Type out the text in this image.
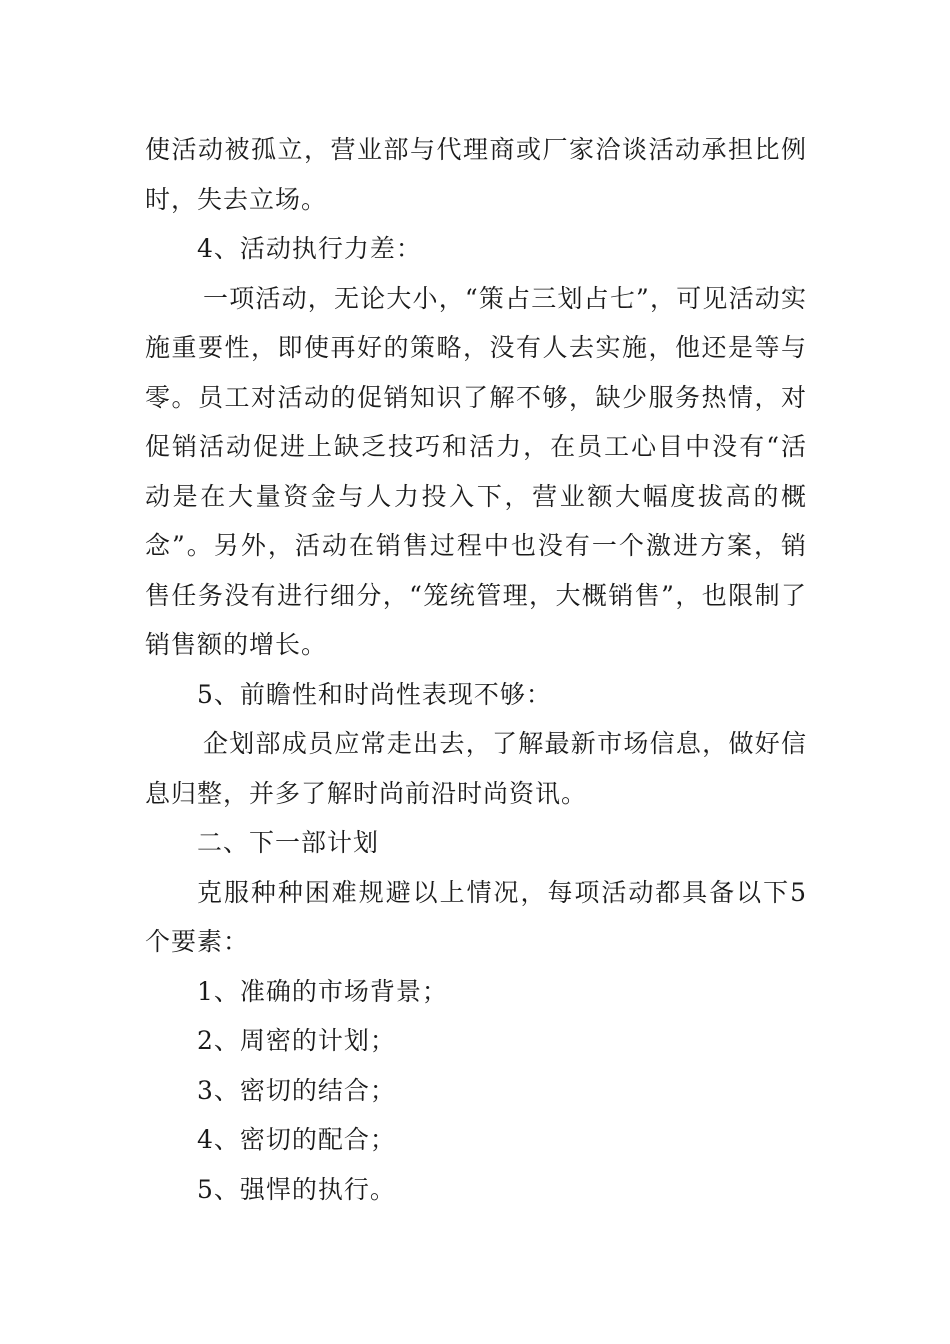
使活动被孤立，营业部与代理商或厂家洽谈活动承担比例时，失去立场。

4、活动执行力差：

一项活动，无论大小，“策占三划占七”，可见活动实施重要性，即使再好的策略，没有人去实施，他还是等与零。员工对活动的促销知识了解不够，缺少服务热情，对促销活动促进上缺乏技巧和活力，在员工心目中没有“活动是在大量资金与人力投入下，营业额大幅度拔高的概念”。另外，活动在销售过程中也没有一个激进方案，销售任务没有进行细分，“笼统管理，大概销售”，也限制了销售额的增长。

5、前瞻性和时尚性表现不够：

企划部成员应常走出去，了解最新市场信息，做好信息归整，并多了解时尚前沿时尚资讯。

二、下一部计划

克服种种困难规避以上情况，每项活动都具备以下5个要素：

1、准确的市场背景；

2、周密的计划；

3、密切的结合；

4、密切的配合；

5、强悍的执行。
